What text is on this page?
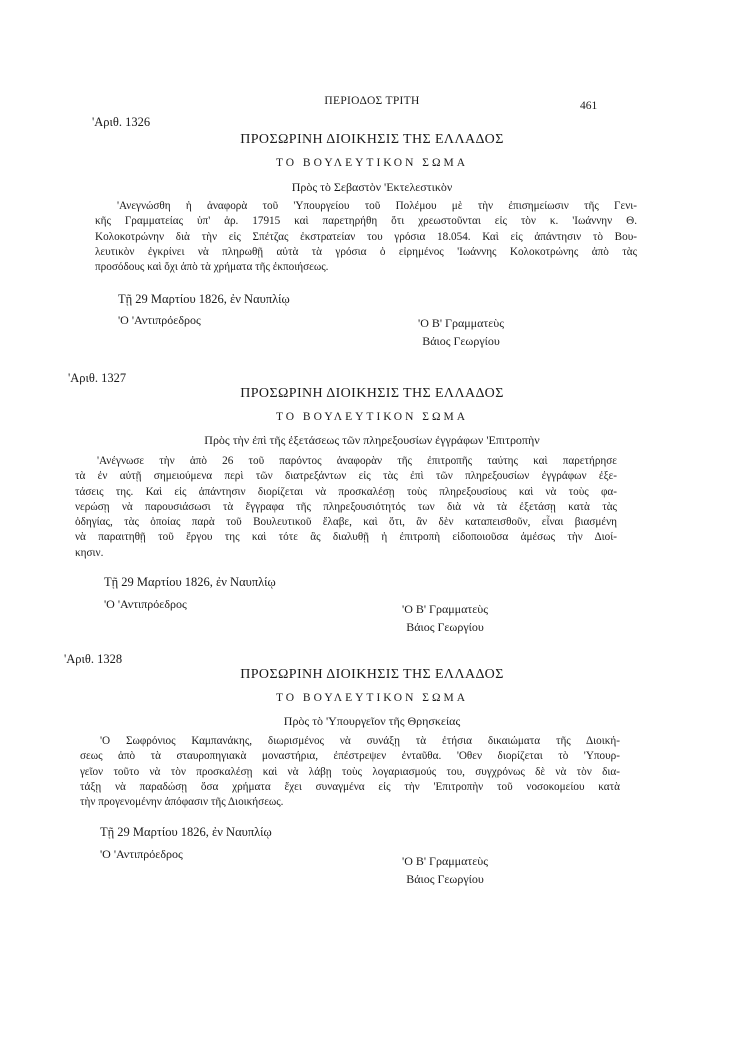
ΠΕΡΙΟΔΟΣ ΤΡΙΤΗ	461
'Αριθ. 1326
ΠΡΟΣΩΡΙΝΗ ΔΙΟΙΚΗΣΙΣ ΤΗΣ ΕΛΛΑΔΟΣ
ΤΟ ΒΟΥΛΕΥΤΙΚΟΝ ΣΩΜΑ
Πρὸς τὸ Σεβαστὸν 'Εκτελεστικὸν
'Ανεγνώσθη ἡ ἀναφορὰ τοῦ 'Υπουργείου τοῦ Πολέμου μὲ τὴν ἐπισημείωσιν τῆς Γενι-
κῆς Γραμματείας ὑπ' ἀρ. 17915 καὶ παρετηρήθη ὅτι χρεωστοῦνται εἰς τὸν κ. 'Ιωάννην Θ.
Κολοκοτρώνην διὰ τὴν εἰς Σπέτζας ἐκστρατείαν του γρόσια 18.054. Καὶ εἰς ἀπάντησιν τὸ Βου-
λευτικὸν ἐγκρίνει νὰ πληρωθῇ αὐτὰ τὰ γρόσια ὁ εἰρημένος 'Ιωάννης Κολοκοτρώνης ἀπὸ τὰς
προσόδους καὶ ὄχι ἀπὸ τὰ χρήματα τῆς ἐκποιήσεως.
Τῇ 29 Μαρτίου 1826, ἐν Ναυπλίῳ
'Ο 'Αντιπρόεδρος	'Ο Β' Γραμματεὺς
Βάιος Γεωργίου
'Αριθ. 1327
ΠΡΟΣΩΡΙΝΗ ΔΙΟΙΚΗΣΙΣ ΤΗΣ ΕΛΛΑΔΟΣ
ΤΟ ΒΟΥΛΕΥΤΙΚΟΝ ΣΩΜΑ
Πρὸς τὴν ἐπὶ τῆς ἐξετάσεως τῶν πληρεξουσίων ἐγγράφων 'Επιτροπὴν
'Ανέγνωσε τὴν ἀπὸ 26 τοῦ παρόντος ἀναφορὰν τῆς ἐπιτροπῆς ταύτης καὶ παρετήρησε
τὰ ἐν αὐτῇ σημειούμενα περὶ τῶν διατρεξάντων εἰς τὰς ἐπὶ τῶν πληρεξουσίων ἐγγράφων ἐξε-
τάσεις της. Καὶ εἰς ἀπάντησιν διορίζεται νὰ προσκαλέσῃ τοὺς πληρεξουσίους καὶ νὰ τοὺς φα-
νερώσῃ νὰ παρουσιάσωσι τὰ ἔγγραφα τῆς πληρεξουσιότητός των διὰ νὰ τὰ ἐξετάσῃ κατὰ τὰς
ὁδηγίας, τὰς ὁποίας παρὰ τοῦ Βουλευτικοῦ ἔλαβε, καὶ ὅτι, ἂν δὲν καταπεισθοῦν, εἶναι βιασμένη
νὰ παραιτηθῇ τοῦ ἔργου της καὶ τότε ἂς διαλυθῇ ἡ ἐπιτροπὴ εἰδοποιοῦσα ἀμέσως τὴν Διοί-
κησιν.
Τῇ 29 Μαρτίου 1826, ἐν Ναυπλίῳ
'Ο 'Αντιπρόεδρος	'Ο Β' Γραμματεὺς
Βάιος Γεωργίου
'Αριθ. 1328
ΠΡΟΣΩΡΙΝΗ ΔΙΟΙΚΗΣΙΣ ΤΗΣ ΕΛΛΑΔΟΣ
ΤΟ ΒΟΥΛΕΥΤΙΚΟΝ ΣΩΜΑ
Πρὸς τὸ 'Υπουργεῖον τῆς Θρησκείας
'Ο Σωφρόνιος Καμπανάκης, διωρισμένος νὰ συνάξῃ τὰ ἐτήσια δικαιώματα τῆς Διοική-
σεως ἀπὸ τὰ σταυροπηγιακὰ μοναστήρια, ἐπέστρεψεν ἐνταῦθα. 'Οθεν διορίζεται τὸ 'Υπουρ-
γεῖον τοῦτο νὰ τὸν προσκαλέσῃ καὶ νὰ λάβῃ τοὺς λογαριασμούς του, συγχρόνως δὲ νὰ τὸν δια-
τάξῃ νὰ παραδώσῃ ὅσα χρήματα ἔχει συναγμένα εἰς τὴν 'Επιτροπὴν τοῦ νοσοκομείου κατὰ
τὴν προγενομένην ἀπόφασιν τῆς Διοικήσεως.
Τῇ 29 Μαρτίου 1826, ἐν Ναυπλίῳ
'Ο 'Αντιπρόεδρος	'Ο Β' Γραμματεὺς
Βάιος Γεωργίου
